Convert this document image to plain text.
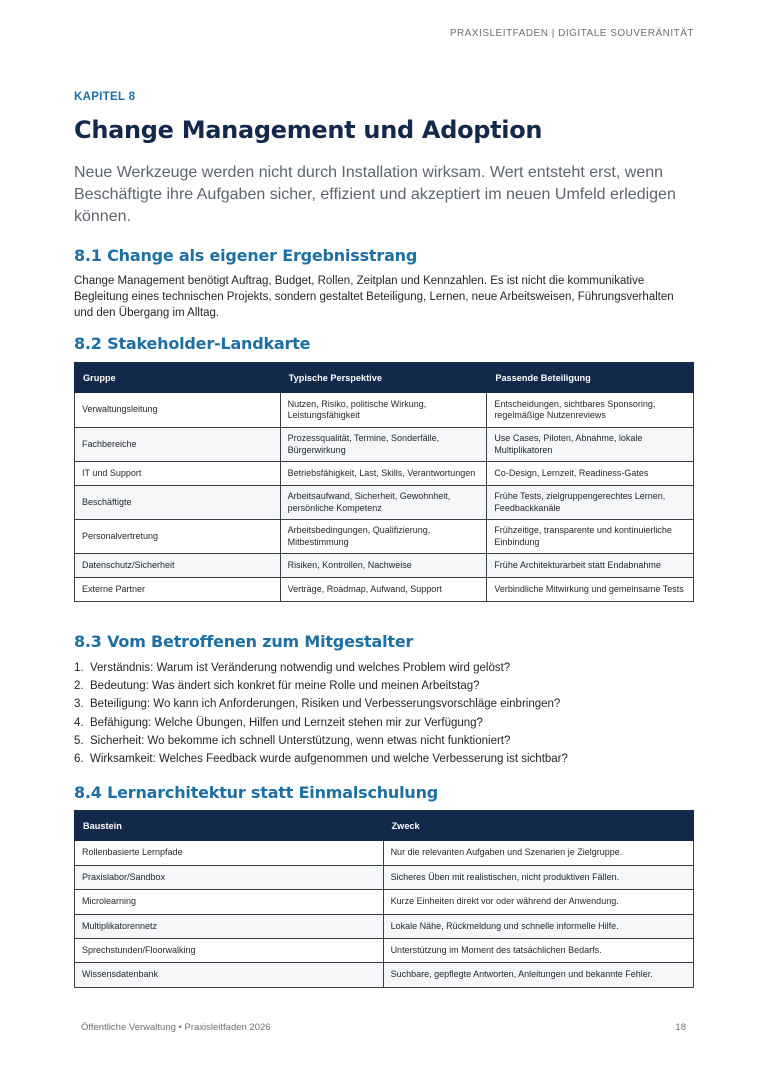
PRAXISLEITFADEN | DIGITALE SOUVERÄNITÄT
KAPITEL 8
Change Management und Adoption

Neue Werkzeuge werden nicht durch Installation wirksam. Wert entsteht erst, wenn Beschäftigte ihre Aufgaben sicher, effizient und akzeptiert im neuen Umfeld erledigen können.

8.1 Change als eigener Ergebnisstrang

Change Management benötigt Auftrag, Budget, Rollen, Zeitplan und Kennzahlen. Es ist nicht die kommunikative Begleitung eines technischen Projekts, sondern gestaltet Beteiligung, Lernen, neue Arbeitsweisen, Führungsverhalten und den Übergang im Alltag.

8.2 Stakeholder-Landkarte
Gruppe	Typische Perspektive	Passende Beteiligung
Verwaltungsleitung	Nutzen, Risiko, politische Wirkung, Leistungsfähigkeit	Entscheidungen, sichtbares Sponsoring, regelmäßige Nutzenreviews
Fachbereiche	Prozessqualität, Termine, Sonderfälle, Bürgerwirkung	Use Cases, Piloten, Abnahme, lokale Multiplikatoren
IT und Support	Betriebsfähigkeit, Last, Skills, Verantwortungen	Co-Design, Lernzeit, Readiness-Gates
Beschäftigte	Arbeitsaufwand, Sicherheit, Gewohnheit, persönliche Kompetenz	Frühe Tests, zielgruppengerechtes Lernen, Feedbackkanäle
Personalvertretung	Arbeitsbedingungen, Qualifizierung, Mitbestimmung	Frühzeitige, transparente und kontinuierliche Einbindung
Datenschutz/Sicherheit	Risiken, Kontrollen, Nachweise	Frühe Architekturarbeit statt Endabnahme
Externe Partner	Verträge, Roadmap, Aufwand, Support	Verbindliche Mitwirkung und gemeinsame Tests
8.3 Vom Betroffenen zum Mitgestalter
1. Verständnis: Warum ist Veränderung notwendig und welches Problem wird gelöst?
2. Bedeutung: Was ändert sich konkret für meine Rolle und meinen Arbeitstag?
3. Beteiligung: Wo kann ich Anforderungen, Risiken und Verbesserungsvorschläge einbringen?
4. Befähigung: Welche Übungen, Hilfen und Lernzeit stehen mir zur Verfügung?
5. Sicherheit: Wo bekomme ich schnell Unterstützung, wenn etwas nicht funktioniert?
6. Wirksamkeit: Welches Feedback wurde aufgenommen und welche Verbesserung ist sichtbar?
8.4 Lernarchitektur statt Einmalschulung
Baustein	Zweck
Rollenbasierte Lernpfade	Nur die relevanten Aufgaben und Szenarien je Zielgruppe.
Praxislabor/Sandbox	Sicheres Üben mit realistischen, nicht produktiven Fällen.
Microlearning	Kurze Einheiten direkt vor oder während der Anwendung.
Multiplikatorennetz	Lokale Nähe, Rückmeldung und schnelle informelle Hilfe.
Sprechstunden/Floorwalking	Unterstützung im Moment des tatsächlichen Bedarfs.
Wissensdatenbank	Suchbare, gepflegte Antworten, Anleitungen und bekannte Fehler.
Öffentliche Verwaltung • Praxisleitfaden 2026	18
